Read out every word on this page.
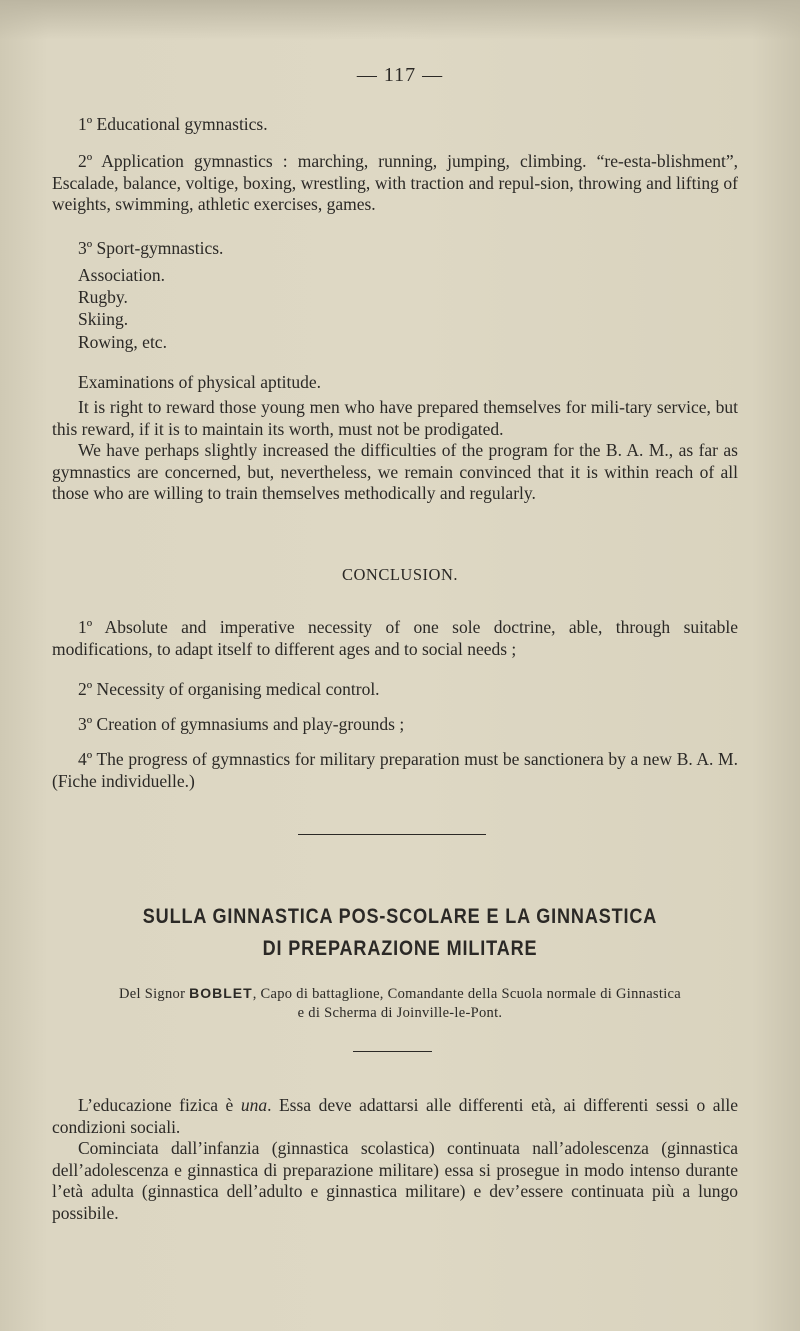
— 117 —

1º Educational gymnastics.

2º Application gymnastics : marching, running, jumping, climbing. “re-esta-blishment”, Escalade, balance, voltige, boxing, wrestling, with traction and repul-sion, throwing and lifting of weights, swimming, athletic exercises, games.

3º Sport-gymnastics.

Association.

Rugby.

Skiing.

Rowing, etc.

Examinations of physical aptitude.

It is right to reward those young men who have prepared themselves for mili-tary service, but this reward, if it is to maintain its worth, must not be prodigated.

We have perhaps slightly increased the difficulties of the program for the B. A. M., as far as gymnastics are concerned, but, nevertheless, we remain convinced that it is within reach of all those who are willing to train themselves methodically and regularly.

CONCLUSION.

1º Absolute and imperative necessity of one sole doctrine, able, through suitable modifications, to adapt itself to different ages and to social needs ;

2º Necessity of organising medical control.

3º Creation of gymnasiums and play-grounds ;

4º The progress of gymnastics for military preparation must be sanctionera by a new B. A. M. (Fiche individuelle.)

SULLA GINNASTICA POS-SCOLARE E LA GINNASTICA
DI PREPARAZIONE MILITARE
Del Signor BOBLET, Capo di battaglione, Comandante della Scuola normale di Ginnastica
e di Scherma di Joinville-le-Pont.

L’educazione fizica è una. Essa deve adattarsi alle differenti età, ai differenti sessi o alle condizioni sociali.

Cominciata dall’infanzia (ginnastica scolastica) continuata nall’adolescenza (ginnastica dell’adolescenza e ginnastica di preparazione militare) essa si prosegue in modo intenso durante l’età adulta (ginnastica dell’adulto e ginnastica militare) e dev’essere continuata più a lungo possibile.
